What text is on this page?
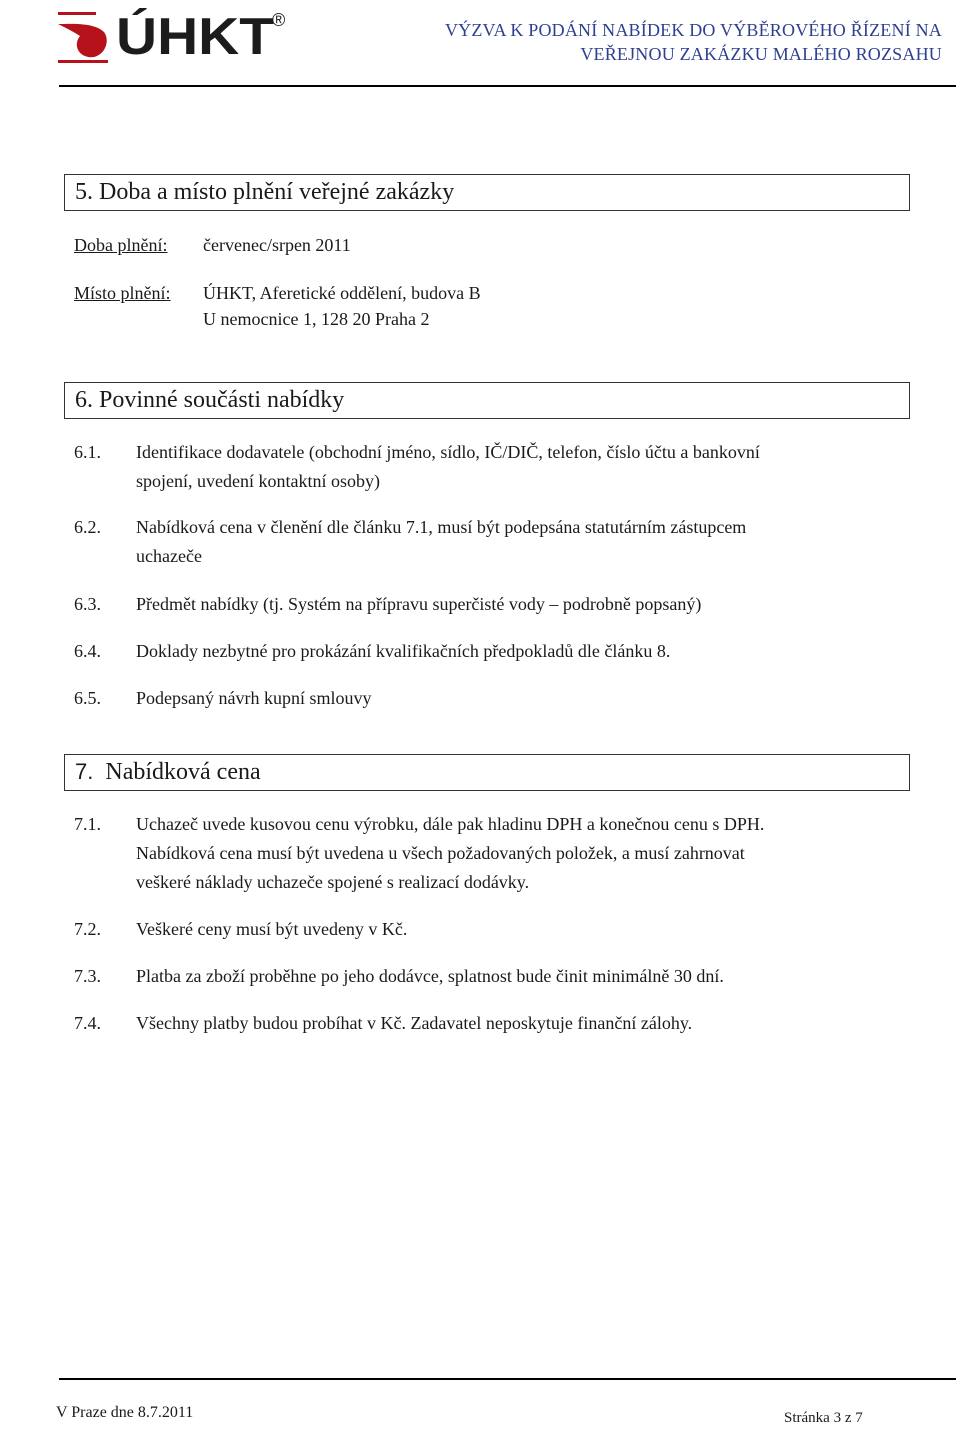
ÚHKT
®	VÝZVA K PODÁNÍ NABÍDEK DO VÝBĚROVÉHO ŘÍZENÍ NA
VEŘEJNOU ZAKÁZKU MALÉHO ROZSAHU
5. Doba a místo plnění veřejné zakázky
Doba plnění: červenec/srpen 2011
Místo plnění: ÚHKT, Aferetické oddělení, budova B
U nemocnice 1, 128 20 Praha 2
6. Povinné součásti nabídky
6.1. Identifikace dodavatele (obchodní jméno, sídlo, IČ/DIČ, telefon, číslo účtu a bankovní
spojení, uvedení kontaktní osoby)
6.2. Nabídková cena v členění dle článku 7.1, musí být podepsána statutárním zástupcem
uchazeče
6.3. Předmět nabídky (tj. Systém na přípravu superčisté vody – podrobně popsaný)
6.4. Doklady nezbytné pro prokázání kvalifikačních předpokladů dle článku 8.
6.5. Podepsaný návrh kupní smlouvy
7. Nabídková cena
7.1. Uchazeč uvede kusovou cenu výrobku, dále pak hladinu DPH a konečnou cenu s DPH.
Nabídková cena musí být uvedena u všech požadovaných položek, a musí zahrnovat
veškeré náklady uchazeče spojené s realizací dodávky.
7.2. Veškeré ceny musí být uvedeny v Kč.
7.3. Platba za zboží proběhne po jeho dodávce, splatnost bude činit minimálně 30 dní.
7.4. Všechny platby budou probíhat v Kč. Zadavatel neposkytuje finanční zálohy.
V Praze dne 8.7.2011	Stránka 3 z 7
